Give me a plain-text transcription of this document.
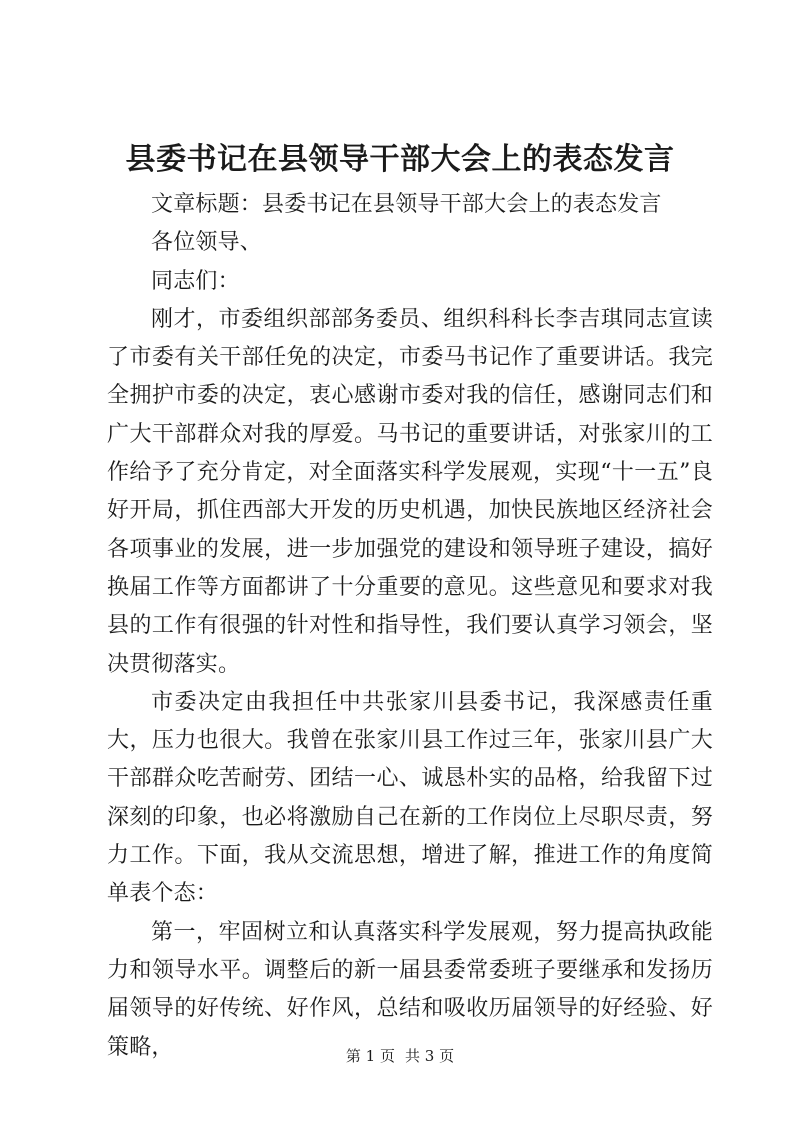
县委书记在县领导干部大会上的表态发言

文章标题：县委书记在县领导干部大会上的表态发言

各位领导、

同志们：

刚才，市委组织部部务委员、组织科科长李吉琪同志宣读了市委有关干部任免的决定，市委马书记作了重要讲话。我完全拥护市委的决定，衷心感谢市委对我的信任，感谢同志们和广大干部群众对我的厚爱。马书记的重要讲话，对张家川的工作给予了充分肯定，对全面落实科学发展观，实现“十一五”良好开局，抓住西部大开发的历史机遇，加快民族地区经济社会各项事业的发展，进一步加强党的建设和领导班子建设，搞好换届工作等方面都讲了十分重要的意见。这些意见和要求对我县的工作有很强的针对性和指导性，我们要认真学习领会，坚决贯彻落实。

市委决定由我担任中共张家川县委书记，我深感责任重大，压力也很大。我曾在张家川县工作过三年，张家川县广大干部群众吃苦耐劳、团结一心、诚恳朴实的品格，给我留下过深刻的印象，也必将激励自己在新的工作岗位上尽职尽责，努力工作。下面，我从交流思想，增进了解，推进工作的角度简单表个态：

第一，牢固树立和认真落实科学发展观，努力提高执政能力和领导水平。调整后的新一届县委常委班子要继承和发扬历届领导的好传统、好作风，总结和吸收历届领导的好经验、好策略，	第 1 页 共 3 页
